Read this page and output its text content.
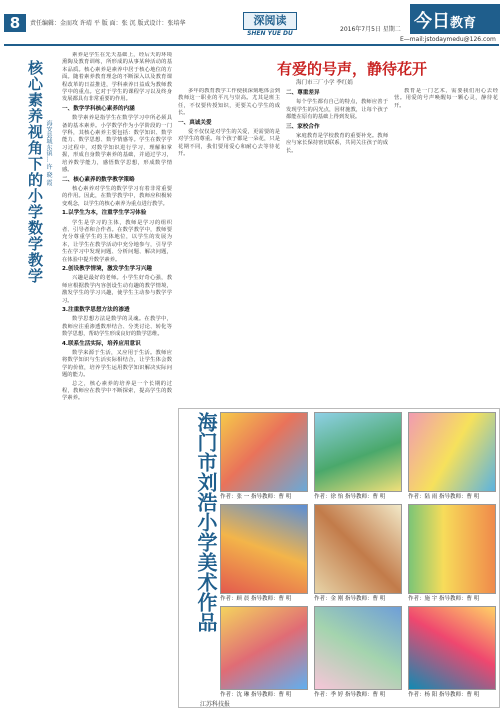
8	责任编辑：金而攻 许靖 平 版 面：张 沉 版式设计：张培华	深阅读
SHEN YUE DU
2016年7月5日 星期二 今日 教育
E—mail:jstodaymedu@126.com
核心素养视角下的小学数学教学 海安县城东镇… 许 晓 霞

素养是学生在先天基础上，经后天的环境熏陶及教育训练，所形成的从事某种活动的基本品质。核心素养是素养中居于核心地位的方面。随着素养教育理念的不断深入以及教育课程改革的日益推进，学科素养日益成为教师教学中的重点。它对于学生的课程学习以及终身发展都具有非常重要的作用。

一、数学学科核心素养的内涵

数学素养是指学生在数学学习中所必须具备的基本素养。小学数学作为小学阶段的一门学科，其核心素养主要包括：数学知识、数学能力、数学思想、数学情感等。学生在数学学习过程中，对数学知识进行学习、理解和掌握，形成自身数学素养的基础，并通过学习，培养数学能力，感悟数学思想，形成数学情感。

二、核心素养的数学教学策略

核心素养对学生的数学学习有着非常重要的作用。因此，在数学教学中，教师应积极转变观念，以学生的核心素养为重点进行教学。

1.以学生为本，注重学生学习体验

学生是学习的主体，教师是学习的组织者、引导者和合作者。在数学教学中，教师要充分尊重学生的主体地位，以学生的发展为本，让学生在教学活动中充分地参与，引导学生在学习中发现问题、分析问题、解决问题，在体验中提升数学素养。

2.创设教学情境，激发学生学习兴趣

兴趣是最好的老师。小学生好奇心强，教师应根据教学内容创设生动有趣的教学情境，激发学生的学习兴趣，使学生主动参与数学学习。

3.注重数学思想方法的渗透

数学思想方法是数学的灵魂。在教学中，教师应注重渗透数形结合、分类讨论、转化等数学思想，帮助学生形成良好的数学思维。

4.联系生活实际，培养应用意识

数学来源于生活，又应用于生活。教师应将数学知识与生活实际相结合，让学生体会数学的价值，培养学生运用数学知识解决实际问题的能力。

总之，核心素养的培养是一个长期的过程，教师应在教学中不断探索，提高学生的数学素养。

有爱的号声，静待花开
海门市三厂小学 季红娟

多年的教育教学工作使我深刻地体会到教师这一职业的平凡与崇高。尤其是班主任，不仅要传授知识，更要关心学生的成长。

一、真诚关爱

爱不仅仅是对学生的关爱，更需要的是对学生的尊重。每个孩子都是一朵花，只是花期不同，我们要用爱心和耐心去等待花开。

二、尊重差异

每个学生都有自己的特点，教师应善于发现学生的闪光点，因材施教，让每个孩子都能在原有的基础上得到发展。

三、家校合作

家庭教育是学校教育的重要补充。教师应与家长保持密切联系，共同关注孩子的成长。

教育是一门艺术，需要我们用心去经营。用爱的号声唤醒每一颗心灵，静待花开。

海门市刘浩小学美术作品 作者：张 一 指导教师：曹 明	作者：徐 怡 指导教师：曹 明	作者：陆 雨 指导教师：曹 明
作者：顾 晨 指导教师：曹 明	作者：金 刚 指导教师：曹 明	作者：施 宇 指导教师：曹 明
作者：沈 琳 指导教师：曹 明	作者：季 婷 指导教师：曹 明	作者：杨 阳 指导教师：曹 明
江苏科技报
